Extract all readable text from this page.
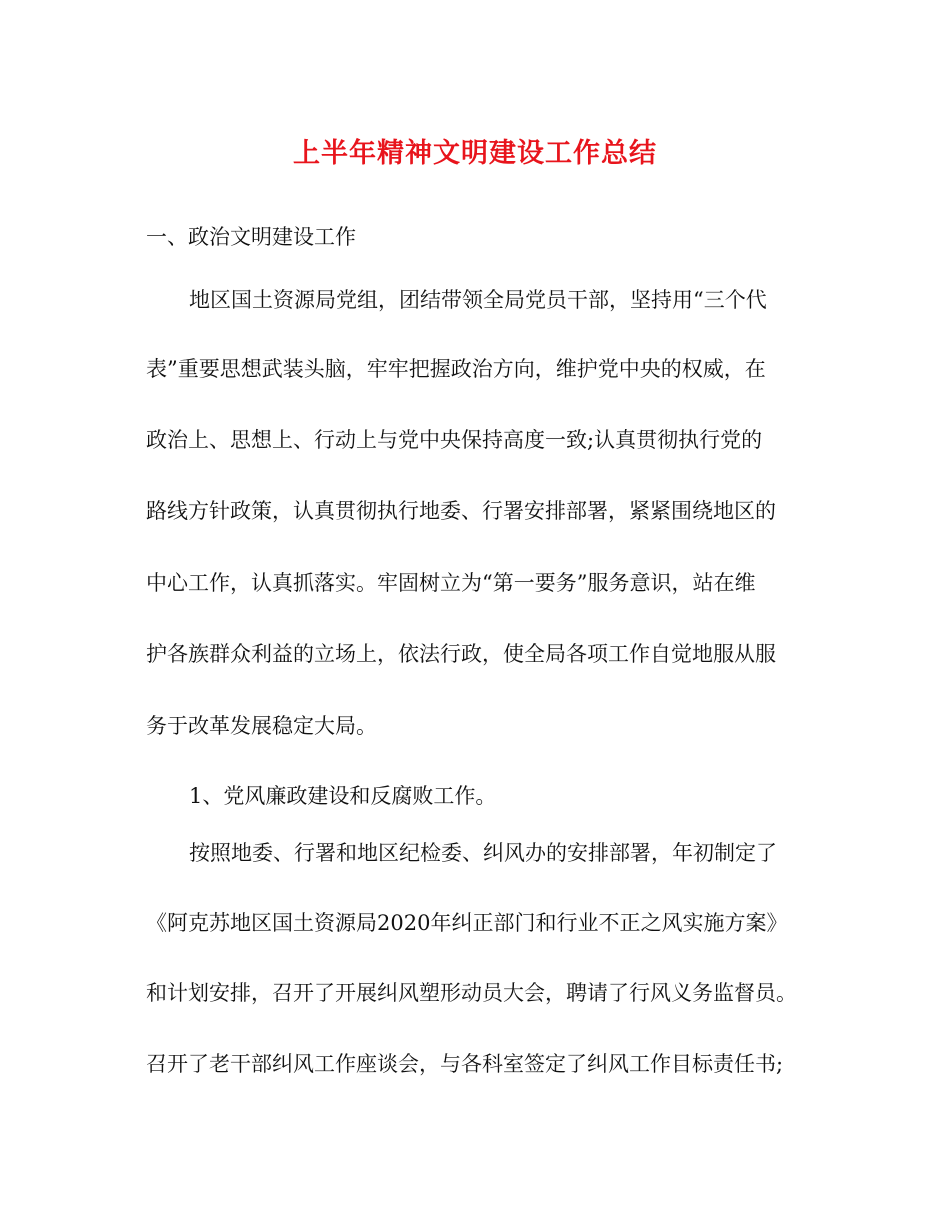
上半年精神文明建设工作总结
一、政治文明建设工作
地区国土资源局党组，团结带领全局党员干部，坚持用“三个代
表”重要思想武装头脑，牢牢把握政治方向，维护党中央的权威，在
政治上、思想上、行动上与党中央保持高度一致;认真贯彻执行党的
路线方针政策，认真贯彻执行地委、行署安排部署，紧紧围绕地区的
中心工作，认真抓落实。牢固树立为“第一要务”服务意识，站在维
护各族群众利益的立场上，依法行政，使全局各项工作自觉地服从服
务于改革发展稳定大局。
1、党风廉政建设和反腐败工作。
按照地委、行署和地区纪检委、纠风办的安排部署，年初制定了
《阿克苏地区国土资源局2020年纠正部门和行业不正之风实施方案》
和计划安排，召开了开展纠风塑形动员大会，聘请了行风义务监督员。
召开了老干部纠风工作座谈会，与各科室签定了纠风工作目标责任书;
